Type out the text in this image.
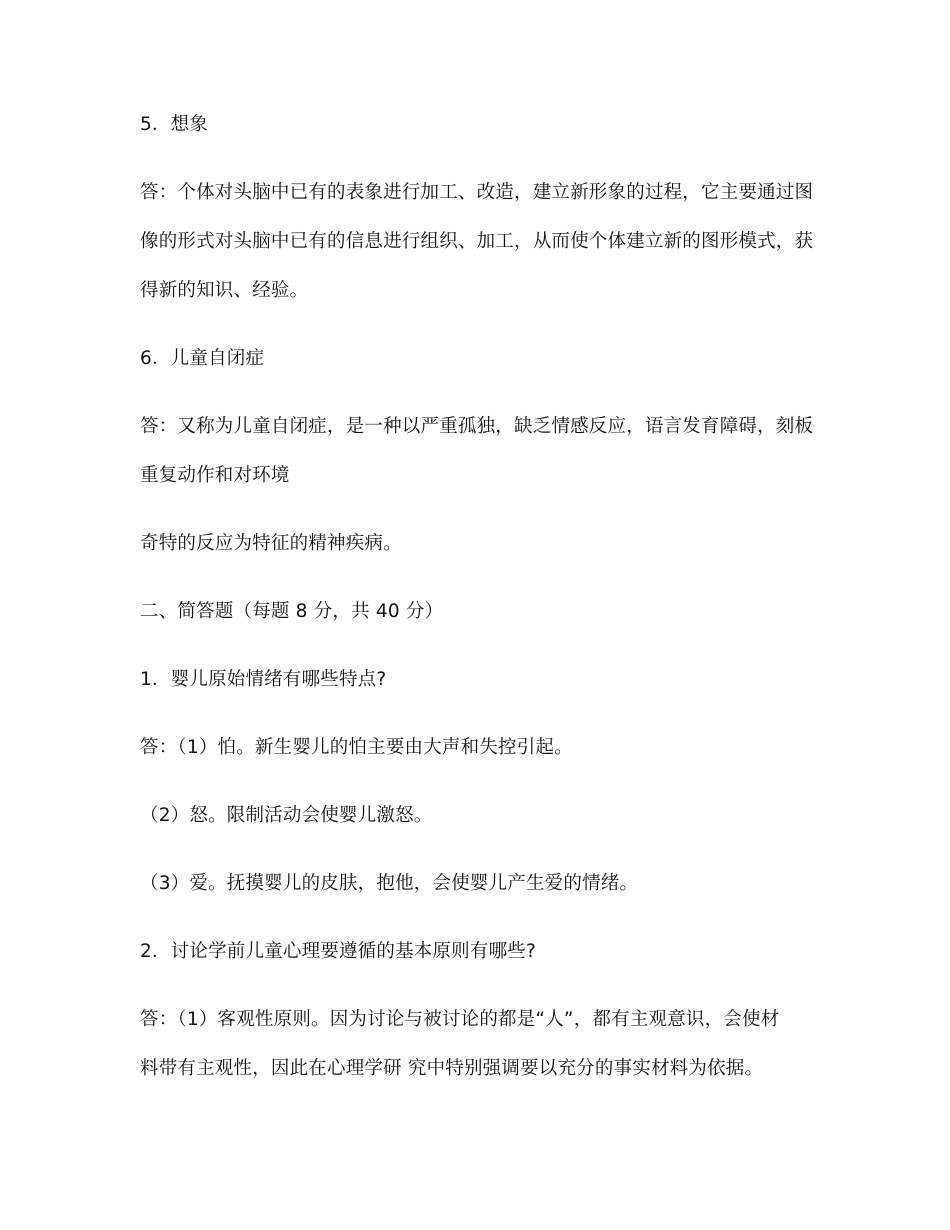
5．想象
答：个体对头脑中已有的表象进行加工、改造，建立新形象的过程，它主要通过图
像的形式对头脑中已有的信息进行组织、加工，从而使个体建立新的图形模式，获
得新的知识、经验。
6．儿童自闭症
答：又称为儿童自闭症，是一种以严重孤独，缺乏情感反应，语言发育障碍，刻板
重复动作和对环境
奇特的反应为特征的精神疾病。
二、简答题（每题 8 分，共 40 分）
1．婴儿原始情绪有哪些特点?
答：（1）怕。新生婴儿的怕主要由大声和失控引起。
（2）怒。限制活动会使婴儿激怒。
（3）爱。抚摸婴儿的皮肤，抱他，会使婴儿产生爱的情绪。
2．讨论学前儿童心理要遵循的基本原则有哪些?
答：（1）客观性原则。因为讨论与被讨论的都是“人”，都有主观意识，会使材
料带有主观性，因此在心理学研 究中特别强调要以充分的事实材料为依据。
